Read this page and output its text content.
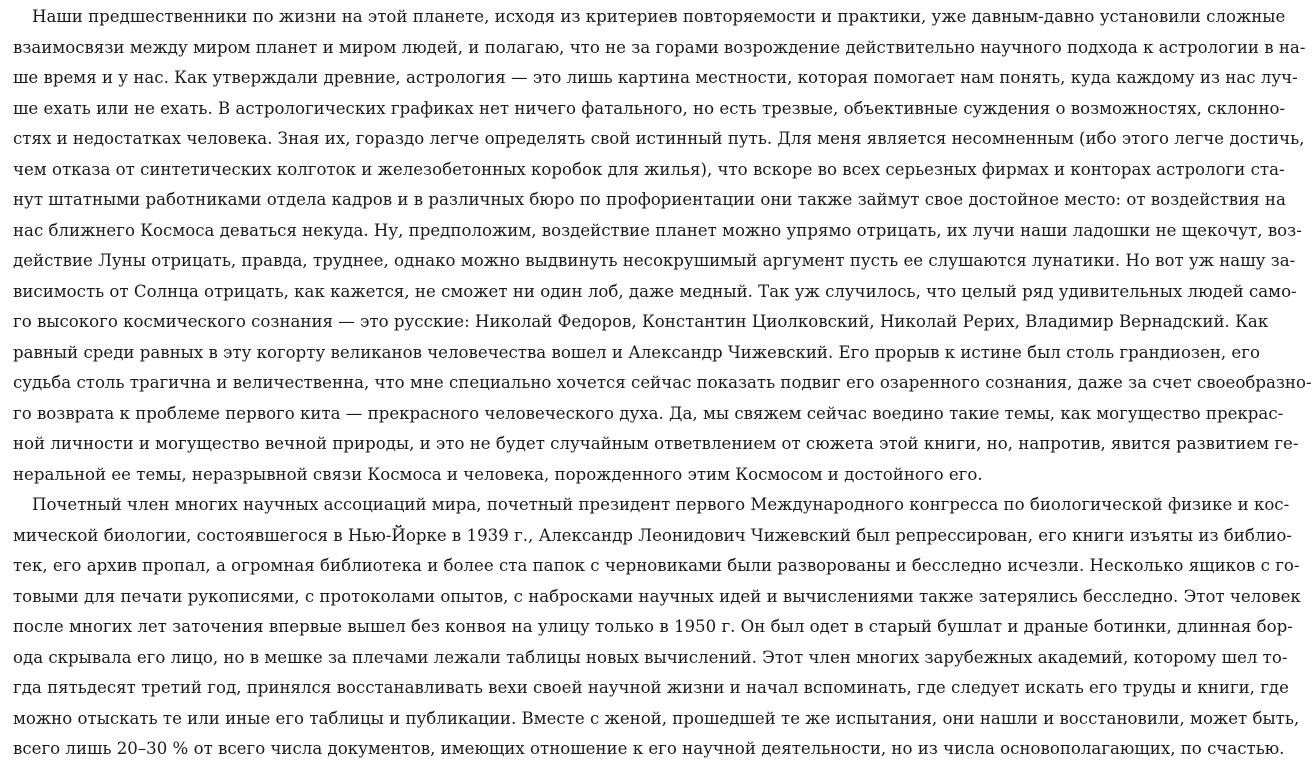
Наши предшественники по жизни на этой планете, исходя из критериев повторяемости и практики, уже давным-давно установили сложные
взаимосвязи между миром планет и миром людей, и полагаю, что не за горами возрождение действительно научного подхода к астрологии в на-
ше время и у нас. Как утверждали древние, астрология — это лишь картина местности, которая помогает нам понять, куда каждому из нас луч-
ше ехать или не ехать. В астрологических графиках нет ничего фатального, но есть трезвые, объективные суждения о возможностях, склонно-
стях и недостатках человека. Зная их, гораздо легче определять свой истинный путь. Для меня является несомненным (ибо этого легче достичь,
чем отказа от синтетических колготок и железобетонных коробок для жилья), что вскоре во всех серьезных фирмах и конторах астрологи ста-
нут штатными работниками отдела кадров и в различных бюро по профориентации они также займут свое достойное место: от воздействия на
нас ближнего Космоса деваться некуда. Ну, предположим, воздействие планет можно упрямо отрицать, их лучи наши ладошки не щекочут, воз-
действие Луны отрицать, правда, труднее, однако можно выдвинуть несокрушимый аргумент пусть ее слушаются лунатики. Но вот уж нашу за-
висимость от Солнца отрицать, как кажется, не сможет ни один лоб, даже медный. Так уж случилось, что целый ряд удивительных людей само-
го высокого космического сознания — это русские: Николай Федоров, Константин Циолковский, Николай Рерих, Владимир Вернадский. Как
равный среди равных в эту когорту великанов человечества вошел и Александр Чижевский. Его прорыв к истине был столь грандиозен, его
судьба столь трагична и величественна, что мне специально хочется сейчас показать подвиг его озаренного сознания, даже за счет своеобразно-
го возврата к проблеме первого кита — прекрасного человеческого духа. Да, мы свяжем сейчас воедино такие темы, как могущество прекрас-
ной личности и могущество вечной природы, и это не будет случайным ответвлением от сюжета этой книги, но, напротив, явится развитием ге-
неральной ее темы, неразрывной связи Космоса и человека, порожденного этим Космосом и достойного его.
Почетный член многих научных ассоциаций мира, почетный президент первого Международного конгресса по биологической физике и кос-
мической биологии, состоявшегося в Нью-Йорке в 1939 г., Александр Леонидович Чижевский был репрессирован, его книги изъяты из библио-
тек, его архив пропал, а огромная библиотека и более ста папок с черновиками были разворованы и бесследно исчезли. Несколько ящиков с го-
товыми для печати рукописями, с протоколами опытов, с набросками научных идей и вычислениями также затерялись бесследно. Этот человек
после многих лет заточения впервые вышел без конвоя на улицу только в 1950 г. Он был одет в старый бушлат и драные ботинки, длинная бор-
ода скрывала его лицо, но в мешке за плечами лежали таблицы новых вычислений. Этот член многих зарубежных академий, которому шел то-
гда пятьдесят третий год, принялся восстанавливать вехи своей научной жизни и начал вспоминать, где следует искать его труды и книги, где
можно отыскать те или иные его таблицы и публикации. Вместе с женой, прошедшей те же испытания, они нашли и восстановили, может быть,
всего лишь 20–30 % от всего числа документов, имеющих отношение к его научной деятельности, но из числа основополагающих, по счастью.
